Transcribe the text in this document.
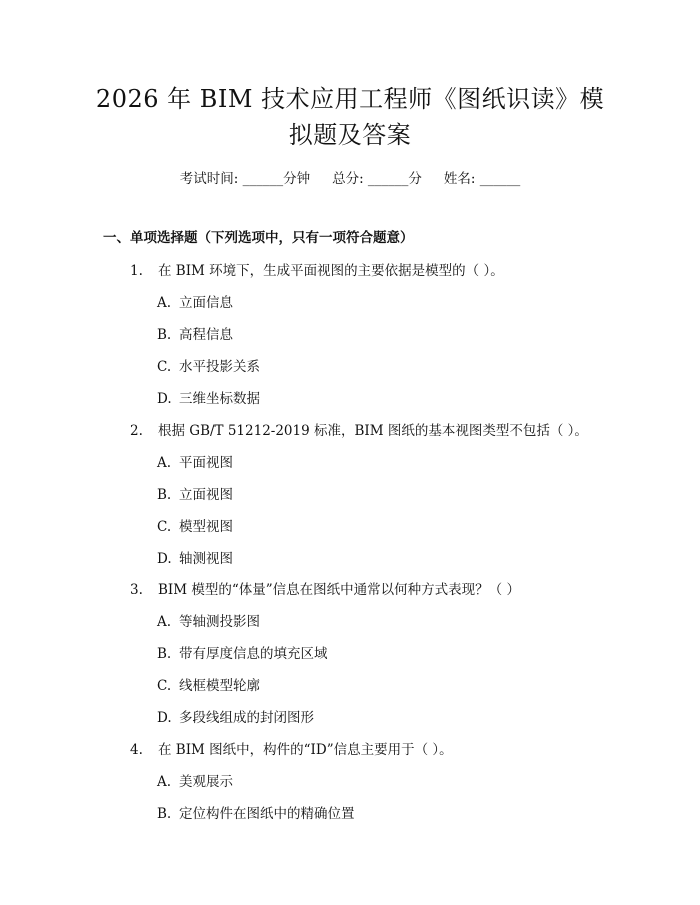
2026 年 BIM 技术应用工程师《图纸识读》模
拟题及答案
考试时间: ______分钟 总分: ______分 姓名: ______
一、单项选择题（下列选项中，只有一项符合题意）
1. 在 BIM 环境下，生成平面视图的主要依据是模型的（ ）。
A. 立面信息
B. 高程信息
C. 水平投影关系
D. 三维坐标数据
2. 根据 GB/T 51212-2019 标准，BIM 图纸的基本视图类型不包括（ ）。
A. 平面视图
B. 立面视图
C. 模型视图
D. 轴测视图
3. BIM 模型的“体量”信息在图纸中通常以何种方式表现？（ ）
A. 等轴测投影图
B. 带有厚度信息的填充区域
C. 线框模型轮廓
D. 多段线组成的封闭图形
4. 在 BIM 图纸中，构件的“ID”信息主要用于（ ）。
A. 美观展示
B. 定位构件在图纸中的精确位置
